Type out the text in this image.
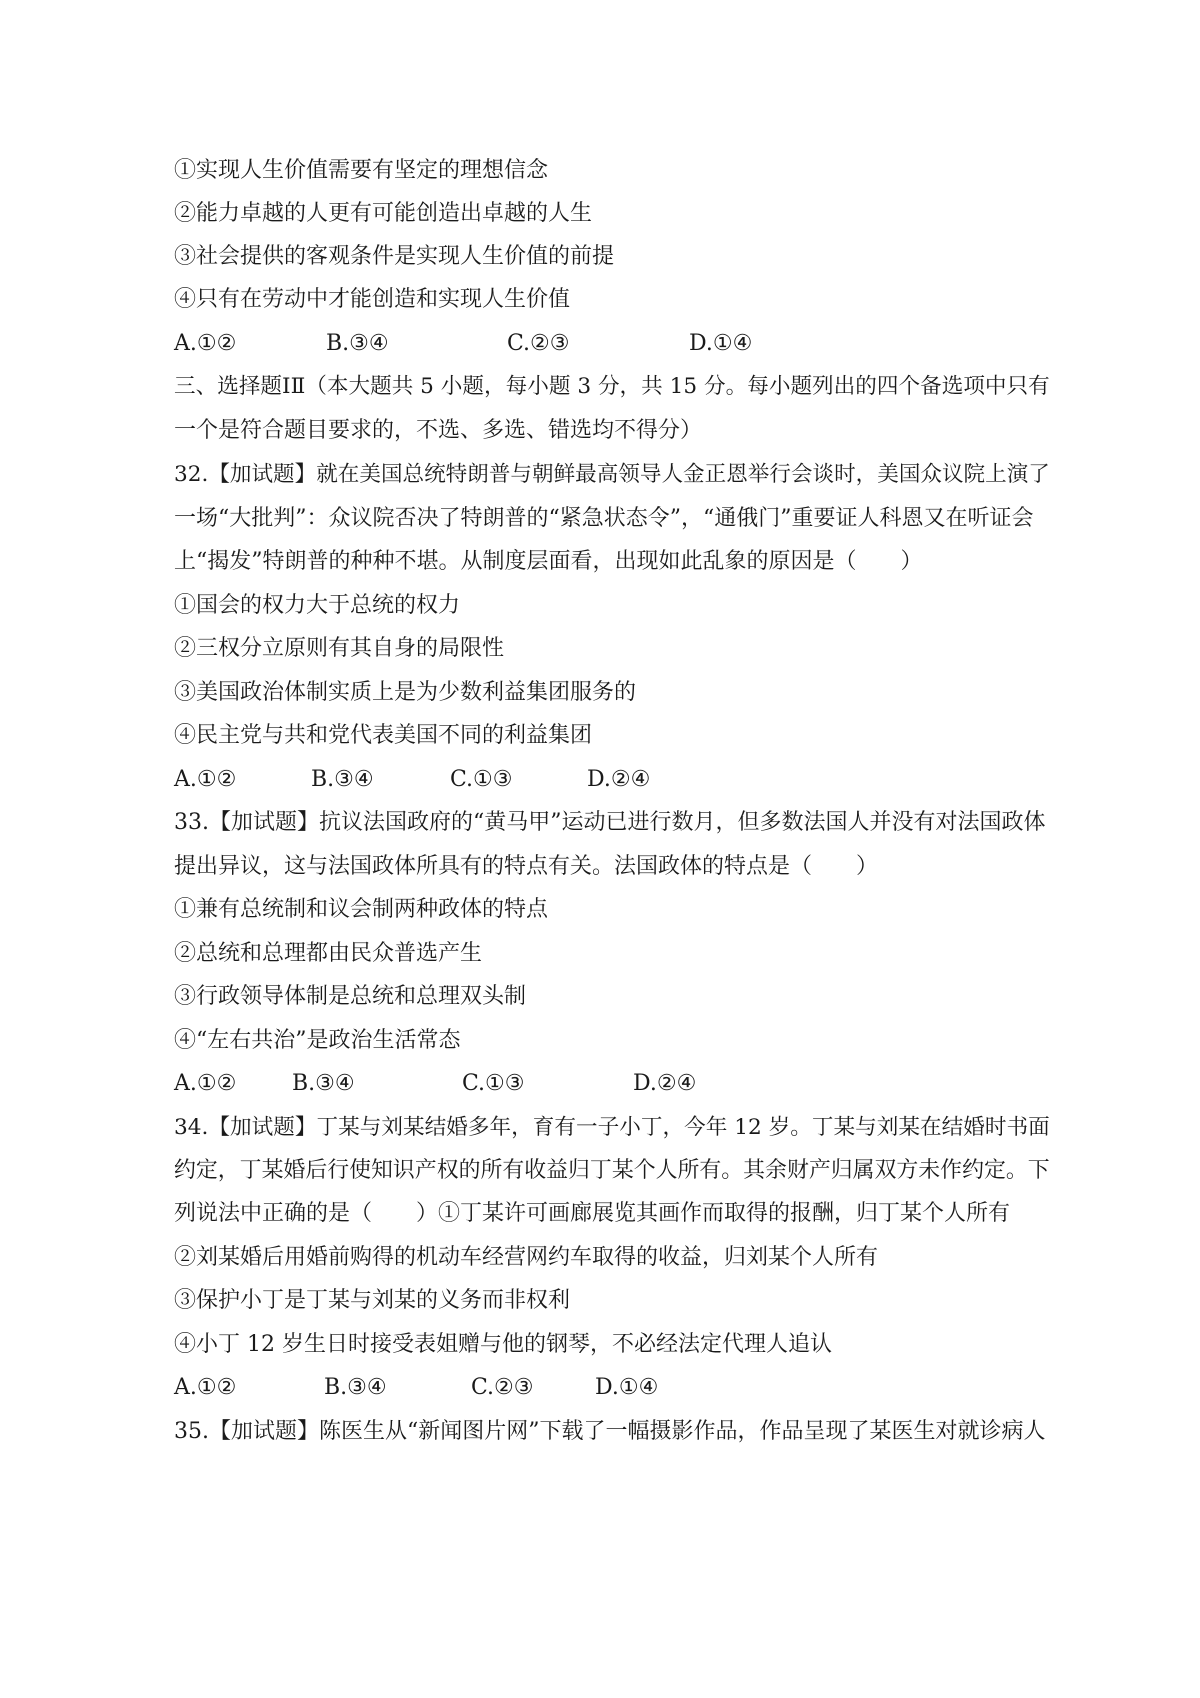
①实现人生价值需要有坚定的理想信念
②能力卓越的人更有可能创造出卓越的人生
③社会提供的客观条件是实现人生价值的前提
④只有在劳动中才能创造和实现人生价值
A.①②	B.③④	C.②③	D.①④
三、选择题ⅠⅡ（本大题共 5 小题，每小题 3 分，共 15 分。每小题列出的四个备选项中只有
一个是符合题目要求的，不选、多选、错选均不得分）
32.【加试题】就在美国总统特朗普与朝鲜最高领导人金正恩举行会谈时，美国众议院上演了
一场“大批判”：众议院否决了特朗普的“紧急状态令”，“通俄门”重要证人科恩又在听证会
上“揭发”特朗普的种种不堪。从制度层面看，出现如此乱象的原因是（　　）
①国会的权力大于总统的权力
②三权分立原则有其自身的局限性
③美国政治体制实质上是为少数利益集团服务的
④民主党与共和党代表美国不同的利益集团
A.①②	B.③④	C.①③	D.②④
33.【加试题】抗议法国政府的“黄马甲”运动已进行数月，但多数法国人并没有对法国政体
提出异议，这与法国政体所具有的特点有关。法国政体的特点是（　　）
①兼有总统制和议会制两种政体的特点
②总统和总理都由民众普选产生
③行政领导体制是总统和总理双头制
④“左右共治”是政治生活常态
A.①②	B.③④	C.①③	D.②④
34.【加试题】丁某与刘某结婚多年，育有一子小丁，今年 12 岁。丁某与刘某在结婚时书面
约定，丁某婚后行使知识产权的所有收益归丁某个人所有。其余财产归属双方未作约定。下
列说法中正确的是（　　）①丁某许可画廊展览其画作而取得的报酬，归丁某个人所有
②刘某婚后用婚前购得的机动车经营网约车取得的收益，归刘某个人所有
③保护小丁是丁某与刘某的义务而非权利
④小丁 12 岁生日时接受表姐赠与他的钢琴，不必经法定代理人追认
A.①②	B.③④	C.②③	D.①④
35.【加试题】陈医生从“新闻图片网”下载了一幅摄影作品，作品呈现了某医生对就诊病人
